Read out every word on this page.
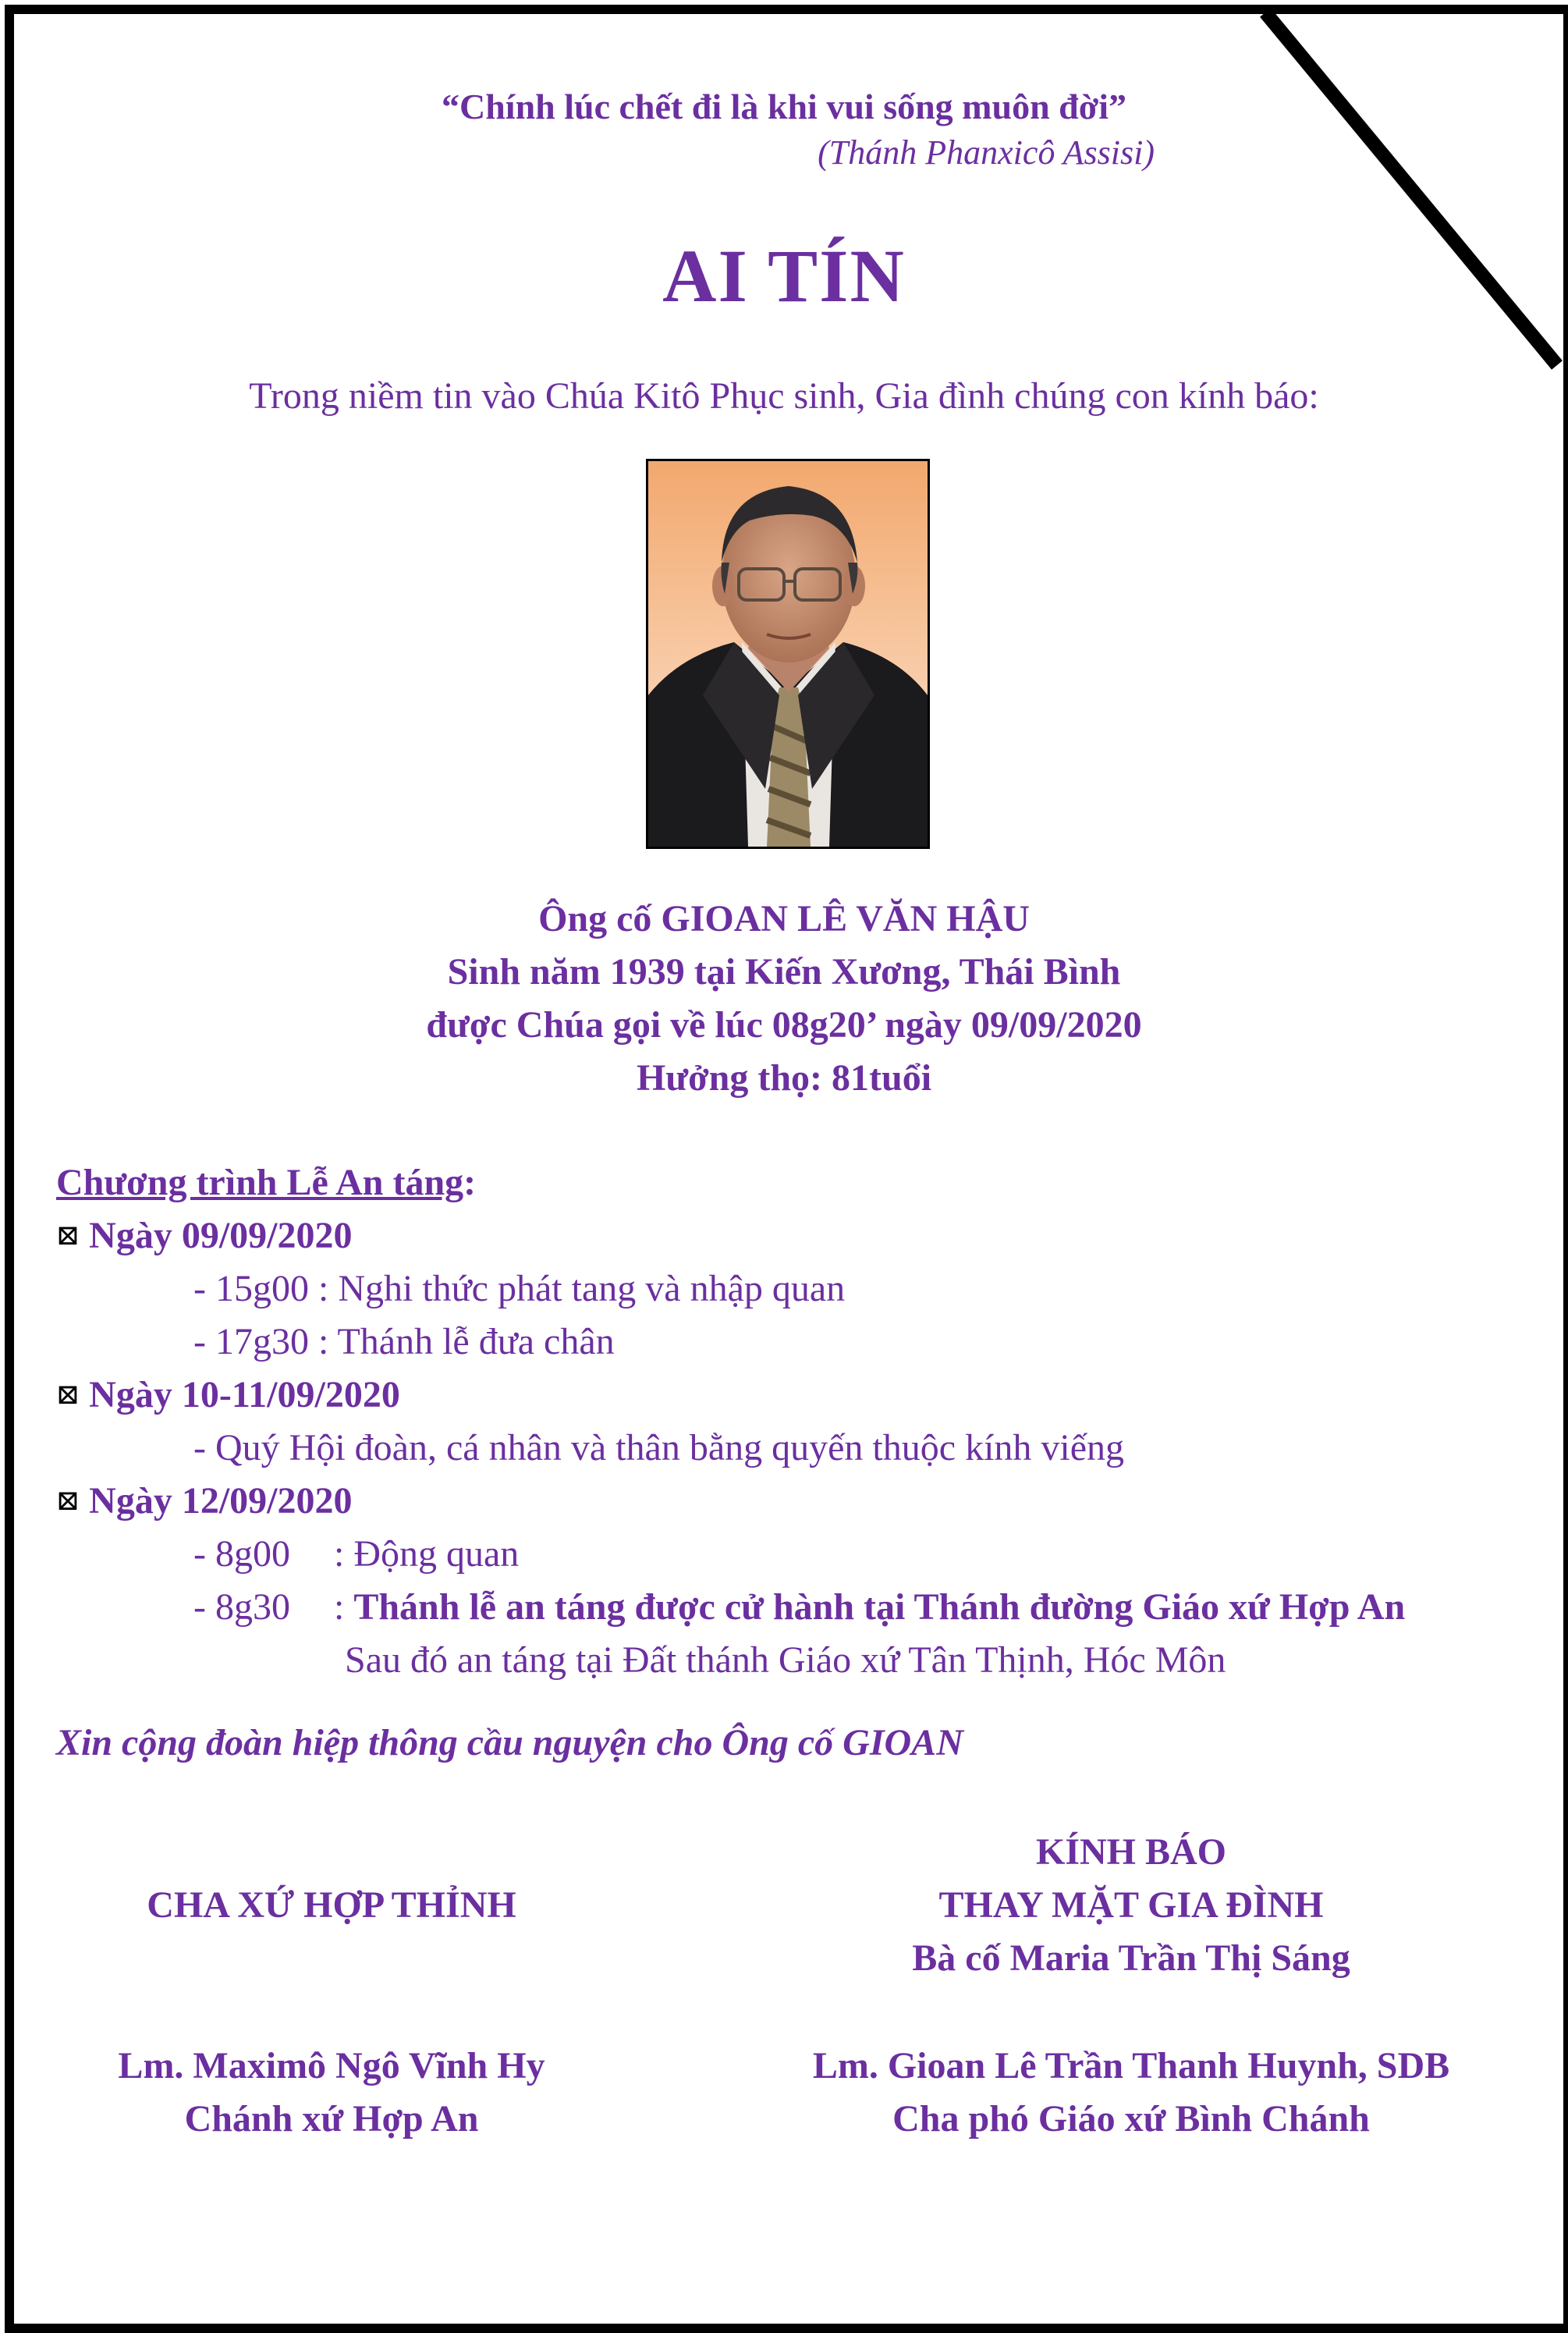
“Chính lúc chết đi là khi vui sống muôn đời”
(Thánh Phanxicô Assisi)
AI TÍN
Trong niềm tin vào Chúa Kitô Phục sinh, Gia đình chúng con kính báo:
Ông cố GIOAN LÊ VĂN HẬU
Sinh năm 1939 tại Kiến Xương, Thái Bình
được Chúa gọi về lúc 08g20’ ngày 09/09/2020
Hưởng thọ: 81tuổi
Chương trình Lễ An táng:
⊠ Ngày 09/09/2020
- 15g00 : Nghi thức phát tang và nhập quan
- 17g30 : Thánh lễ đưa chân
⊠ Ngày 10-11/09/2020
- Quý Hội đoàn, cá nhân và thân bằng quyến thuộc kính viếng
⊠ Ngày 12/09/2020
- 8g00 : Động quan
- 8g30 : Thánh lễ an táng được cử hành tại Thánh đường Giáo xứ Hợp An
Sau đó an táng tại Đất thánh Giáo xứ Tân Thịnh, Hóc Môn
Xin cộng đoàn hiệp thông cầu nguyện cho Ông cố GIOAN
KÍNH BÁO
CHA XỨ HỢP THỈNH	THAY MẶT GIA ĐÌNH
Bà cố Maria Trần Thị Sáng
Lm. Maximô Ngô Vĩnh Hy	Lm. Gioan Lê Trần Thanh Huynh, SDB
Chánh xứ Hợp An	Cha phó Giáo xứ Bình Chánh
